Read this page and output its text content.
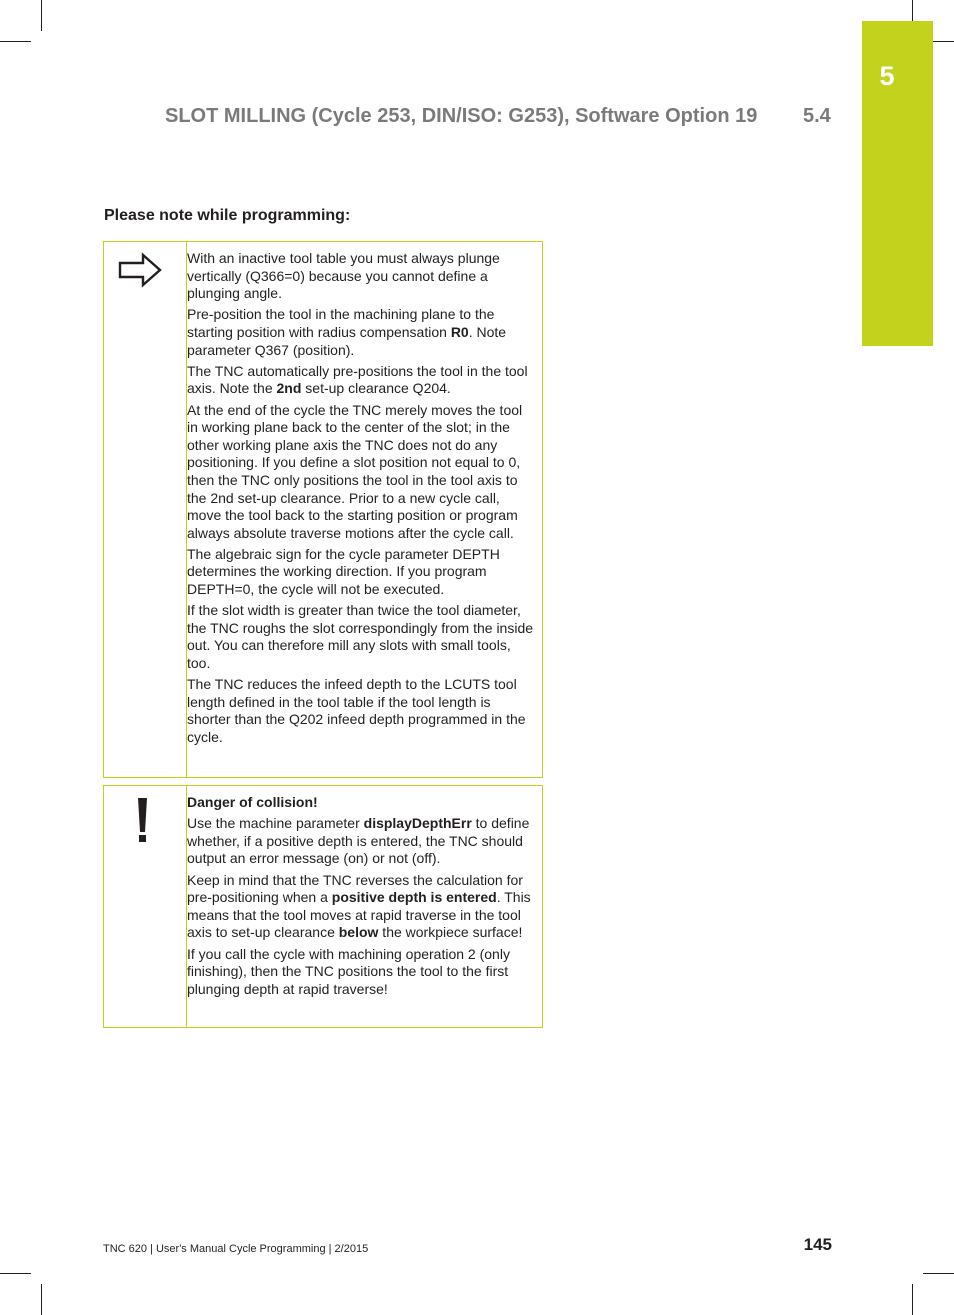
5
SLOT MILLING (Cycle 253, DIN/ISO: G253), Software Option 19	5.4
Please note while programming:

With an inactive tool table you must always plunge vertically (Q366=0) because you cannot define a plunging angle.

Pre-position the tool in the machining plane to the starting position with radius compensation R0. Note parameter Q367 (position).

The TNC automatically pre-positions the tool in the tool axis. Note the 2nd set-up clearance Q204.

At the end of the cycle the TNC merely moves the tool in working plane back to the center of the slot; in the other working plane axis the TNC does not do any positioning. If you define a slot position not equal to 0, then the TNC only positions the tool in the tool axis to the 2nd set-up clearance. Prior to a new cycle call, move the tool back to the starting position or program always absolute traverse motions after the cycle call.

The algebraic sign for the cycle parameter DEPTH determines the working direction. If you program DEPTH=0, the cycle will not be executed.

If the slot width is greater than twice the tool diameter, the TNC roughs the slot correspondingly from the inside out. You can therefore mill any slots with small tools, too.

The TNC reduces the infeed depth to the LCUTS tool length defined in the tool table if the tool length is shorter than the Q202 infeed depth programmed in the cycle.

Danger of collision!

Use the machine parameter displayDepthErr to define whether, if a positive depth is entered, the TNC should output an error message (on) or not (off).

Keep in mind that the TNC reverses the calculation for pre-positioning when a positive depth is entered. This means that the tool moves at rapid traverse in the tool axis to set-up clearance below the workpiece surface!

If you call the cycle with machining operation 2 (only finishing), then the TNC positions the tool to the first plunging depth at rapid traverse!

TNC 620 | User's Manual Cycle Programming | 2/2015	145
